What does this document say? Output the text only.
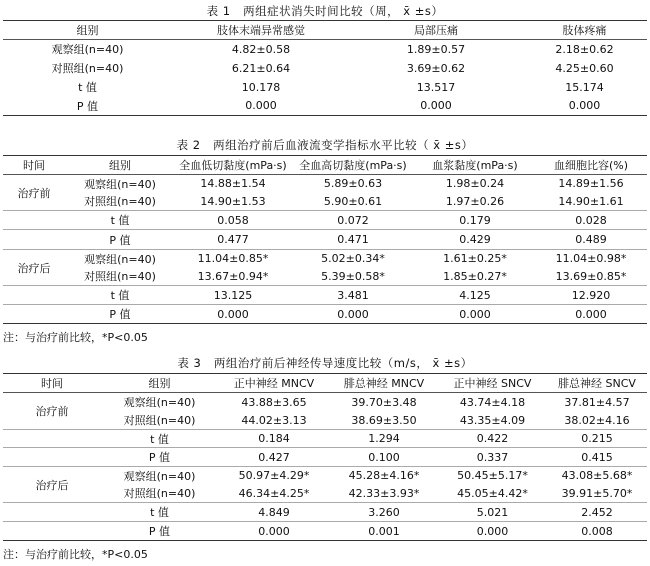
表 1   两组症状消失时间比较（周， x̄ ±s）
组别	肢体末端异常感觉	局部压痛	肢体疼痛
观察组(n=40)	4.82±0.58	1.89±0.57	2.18±0.62
对照组(n=40)	6.21±0.64	3.69±0.62	4.25±0.60
t 值	10.178	13.517	15.174
P 值	0.000	0.000	0.000
表 2   两组治疗前后血液流变学指标水平比较（ x̄ ±s）
时间	组别	全血低切黏度(mPa·s)	全血高切黏度(mPa·s)	血浆黏度(mPa·s)	血细胞比容(%)
治疗前	观察组(n=40)	14.88±1.54	5.89±0.63	1.98±0.24	14.89±1.56
	对照组(n=40)	14.90±1.53	5.90±0.61	1.97±0.26	14.90±1.61
	t 值	0.058	0.072	0.179	0.028
	P 值	0.477	0.471	0.429	0.489
治疗后	观察组(n=40)	11.04±0.85*	5.02±0.34*	1.61±0.25*	11.04±0.98*
	对照组(n=40)	13.67±0.94*	5.39±0.58*	1.85±0.27*	13.69±0.85*
	t 值	13.125	3.481	4.125	12.920
	P 值	0.000	0.000	0.000	0.000
注：与治疗前比较，*P<0.05
表 3   两组治疗前后神经传导速度比较（m/s， x̄ ±s）
时间	组别	正中神经 MNCV	腓总神经 MNCV	正中神经 SNCV	腓总神经 SNCV
治疗前	观察组(n=40)	43.88±3.65	39.70±3.48	43.74±4.18	37.81±4.57
	对照组(n=40)	44.02±3.13	38.69±3.50	43.35±4.09	38.02±4.16
	t 值	0.184	1.294	0.422	0.215
	P 值	0.427	0.100	0.337	0.415
治疗后	观察组(n=40)	50.97±4.29*	45.28±4.16*	50.45±5.17*	43.08±5.68*
	对照组(n=40)	46.34±4.25*	42.33±3.93*	45.05±4.42*	39.91±5.70*
	t 值	4.849	3.260	5.021	2.452
	P 值	0.000	0.001	0.000	0.008
注：与治疗前比较，*P<0.05
